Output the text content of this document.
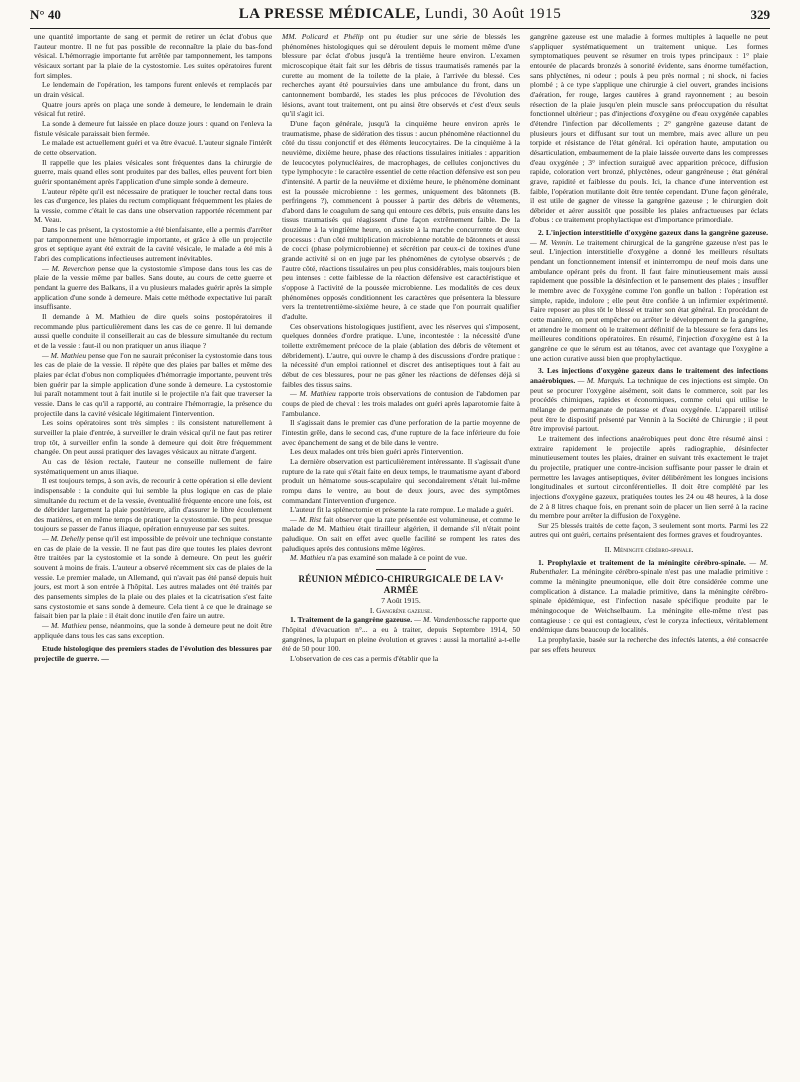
N° 40	LA PRESSE MÉDICALE, Lundi, 30 Août 1915	329

une quantité importante de sang et permit de retirer un éclat d'obus que l'auteur montre. Il ne fut pas possible de reconnaître la plaie du bas-fond vésical. L'hémorragie importante fut arrêtée par tamponnement, les tampons vésicaux sortant par la plaie de la cystostomie. Les suites opératoires furent fort simples.

Le lendemain de l'opération, les tampons furent enlevés et remplacés par un drain vésical.

Quatre jours après on plaça une sonde à demeure, le lendemain le drain vésical fut retiré.

La sonde à demeure fut laissée en place douze jours : quand on l'enleva la fistule vésicale paraissait bien fermée.

Le malade est actuellement guéri et va être évacué. L'auteur signale l'intérêt de cette observation.

Il rappelle que les plaies vésicales sont fréquentes dans la chirurgie de guerre, mais quand elles sont produites par des balles, elles peuvent fort bien guérir spontanément après l'application d'une simple sonde à demeure.

L'auteur répète qu'il est nécessaire de pratiquer le toucher rectal dans tous les cas d'urgence, les plaies du rectum compliquant fréquemment les plaies de la vessie, comme c'était le cas dans une observation rapportée récemment par M. Veau.

Dans le cas présent, la cystostomie a été bienfaisante, elle a permis d'arrêter par tamponnement une hémorragie importante, et grâce à elle un projectile gros et septique ayant été extrait de la cavité vésicale, le malade a été mis à l'abri des complications infectieuses autrement inévitables.

— M. Reverchon pense que la cystostomie s'impose dans tous les cas de plaie de la vessie même par balles. Sans doute, au cours de cette guerre et pendant la guerre des Balkans, il a vu plusieurs malades guérir après la simple application d'une sonde à demeure. Mais cette méthode expectative lui paraît insuffisante.

Il demande à M. Mathieu de dire quels soins postopératoires il recommande plus particulièrement dans les cas de ce genre. Il lui demande aussi quelle conduite il conseillerait au cas de blessure simultanée du rectum et de la vessie : faut-il ou non pratiquer un anus iliaque ?

— M. Mathieu pense que l'on ne saurait préconiser la cystostomie dans tous les cas de plaie de la vessie. Il répète que des plaies par balles et même des plaies par éclat d'obus non compliquées d'hémorragie importante, peuvent très bien guérir par la simple application d'une sonde à demeure. La cystostomie lui paraît notamment tout à fait inutile si le projectile n'a fait que traverser la vessie. Dans le cas qu'il a rapporté, au contraire l'hémorragie, la présence du projectile dans la cavité vésicale légitimaient l'intervention.

Les soins opératoires sont très simples : ils consistent naturellement à surveiller la plaie d'entrée, à surveiller le drain vésical qu'il ne faut pas retirer trop tôt, à surveiller enfin la sonde à demeure qui doit être fréquemment changée. On peut aussi pratiquer des lavages vésicaux au nitrate d'argent.

Au cas de lésion rectale, l'auteur ne conseille nullement de faire systématiquement un anus iliaque.

Il est toujours temps, à son avis, de recourir à cette opération si elle devient indispensable : la conduite qui lui semble la plus logique en cas de plaie simultanée du rectum et de la vessie, éventualité fréquente encore une fois, est de débrider largement la plaie postérieure, afin d'assurer le libre écoulement des matières, et en même temps de pratiquer la cystostomie. On peut presque toujours se passer de l'anus iliaque, opération ennuyeuse par ses suites.

— M. Dehelly pense qu'il est impossible de prévoir une technique constante en cas de plaie de la vessie. Il ne faut pas dire que toutes les plaies devront être traitées par la cystostomie et la sonde à demeure. On peut les guérir souvent à moins de frais. L'auteur a observé récemment six cas de plaies de la vessie. Le premier malade, un Allemand, qui n'avait pas été pansé depuis huit jours, est mort à son entrée à l'hôpital. Les autres malades ont été traités par des pansements simples de la plaie ou des plaies et la cicatrisation s'est faite sans cystostomie et sans sonde à demeure. Cela tient à ce que le drainage se faisait bien par la plaie : il était donc inutile d'en faire un autre.

— M. Mathieu pense, néanmoins, que la sonde à demeure peut ne doit être appliquée dans tous les cas sans exception.

Etude histologique des premiers stades de l'évolution des blessures par projectile de guerre. —

MM. Policard et Phélip ont pu étudier sur une série de blessés les phénomènes histologiques qui se déroulent depuis le moment même d'une blessure par éclat d'obus jusqu'à la trentième heure environ. L'examen microscopique était fait sur les débris de tissus traumatisés ramenés par la curette au moment de la toilette de la plaie, à l'arrivée du blessé. Ces recherches ayant été poursuivies dans une ambulance du front, dans un cantonnement bombardé, les stades les plus précoces de l'évolution des lésions, avant tout traitement, ont pu ainsi être observés et c'est d'eux seuls qu'il s'agit ici.

D'une façon générale, jusqu'à la cinquième heure environ après le traumatisme, phase de sidération des tissus : aucun phénomène réactionnel du côté du tissu conjonctif et des éléments leucocytaires. De la cinquième à la neuvième, dixième heure, phase des réactions tissulaires initiales : apparition de leucocytes polynucléaires, de macrophages, de cellules conjonctives du type lymphocyte : le caractère essentiel de cette réaction défensive est son peu d'intensité. A partir de la neuvième et dixième heure, le phénomène dominant est la poussée microbienne : les germes, uniquement des bâtonnets (B. perfringens ?), commencent à pousser à partir des débris de vêtements, d'abord dans le coagulum de sang qui entoure ces débris, puis ensuite dans les tissus traumatisés qui réagissent d'une façon extrêmement faible. De la douzième à la vingtième heure, on assiste à la marche concurrente de deux processus : d'un côté multiplication microbienne notable de bâtonnets et aussi de cocci (phase polymicrobienne) et sécrétion par ceux-ci de toxines d'une grande activité si on en juge par les phénomènes de cytolyse observés ; de l'autre côté, réactions tissulaires un peu plus considérables, mais toujours bien peu intenses : cette faiblesse de la réaction défensive est caractéristique et s'oppose à l'activité de la poussée microbienne. Les modalités de ces deux phénomènes opposés conditionnent les caractères que présentera la blessure vers la trentetrentième-sixième heure, à ce stade que l'on pourrait qualifier d'adulte.

Ces observations histologiques justifient, avec les réserves qui s'imposent, quelques données d'ordre pratique. L'une, incontestée : la nécessité d'une toilette extrêmement précoce de la plaie (ablation des débris de vêtement et débridement). L'autre, qui ouvre le champ à des discussions d'ordre pratique : la nécessité d'un emploi rationnel et discret des antiseptiques tout à fait au début de ces blessures, pour ne pas gêner les réactions de défenses déjà si faibles des tissus sains.

— M. Mathieu rapporte trois observations de contusion de l'abdomen par coups de pied de cheval : les trois malades ont guéri après laparotomie faite à l'ambulance.

Il s'agissait dans le premier cas d'une perforation de la partie moyenne de l'intestin grêle, dans le second cas, d'une rupture de la face inférieure du foie avec épanchement de sang et de bile dans le ventre.

Les deux malades ont très bien guéri après l'intervention.

La dernière observation est particulièrement intéressante. Il s'agissait d'une rupture de la rate qui s'était faite en deux temps, le traumatisme ayant d'abord produit un hématome sous-scapulaire qui secondairement s'était lui-même rompu dans le ventre, au bout de deux jours, avec des symptômes commandant l'intervention d'urgence.

L'auteur fit la splénectomie et présente la rate rompue. Le malade a guéri.

— M. Rist fait observer que la rate présentée est volumineuse, et comme le malade de M. Mathieu était tirailleur algérien, il demande s'il n'était point paludique. On sait en effet avec quelle facilité se rompent les rates des paludiques après des contusions même légères.

M. Mathieu n'a pas examiné son malade à ce point de vue.

RÉUNION MÉDICO-CHIRURGICALE DE LA Vᵉ ARMÉE

7 Août 1915.

I. Gangrène gazeuse.

1. Traitement de la gangrène gazeuse. — M. Vandenbossche rapporte que l'hôpital d'évacuation n°... a eu à traiter, depuis Septembre 1914, 50 gangrènes, la plupart en pleine évolution et graves : aussi la mortalité a-t-elle été de 50 pour 100.

L'observation de ces cas a permis d'établir que la

gangrène gazeuse est une maladie à formes multiples à laquelle ne peut s'appliquer systématiquement un traitement unique. Les formes symptomatiques peuvent se résumer en trois types principaux : 1° plaie entourée de placards bronzés à sonorité évidente, sans énorme tuméfaction, sans phlyctènes, ni odeur ; pouls à peu près normal ; ni shock, ni facies plombé ; à ce type s'applique une chirurgie à ciel ouvert, grandes incisions d'aération, fer rouge, larges cautères à grand rayonnement ; au besoin résection de la plaie jusqu'en plein muscle sans préoccupation du résultat fonctionnel ultérieur ; pas d'injections d'oxygène ou d'eau oxygénée capables d'étendre l'infection par décollements ; 2° gangrène gazeuse datant de plusieurs jours et diffusant sur tout un membre, mais avec allure un peu torpide et résistance de l'état général. Ici opération haute, amputation ou désarticulation, embaumement de la plaie laissée ouverte dans les compresses d'eau oxygénée ; 3° infection suraiguë avec apparition précoce, diffusion rapide, coloration vert bronzé, phlyctènes, odeur gangréneuse ; état général grave, rapidité et faiblesse du pouls. Ici, la chance d'une intervention est faible, l'opération mutilante doit être tentée cependant. D'une façon générale, il est utile de gagner de vitesse la gangrène gazeuse ; le chirurgien doit débrider et aérer aussitôt que possible les plaies anfractueuses par éclats d'obus : ce traitement prophylactique est d'importance primordiale.

2. L'injection interstitielle d'oxygène gazeux dans la gangrène gazeuse. — M. Vennin. Le traitement chirurgical de la gangrène gazeuse n'est pas le seul. L'injection interstitielle d'oxygène a donné les meilleurs résultats pendant un fonctionnement intensif et ininterrompu de neuf mois dans une ambulance opérant près du front. Il faut faire minutieusement mais aussi rapidement que possible la désinfection et le pansement des plaies ; insuffler le membre avec de l'oxygène comme l'on gonfle un ballon : l'opération est simple, rapide, indolore ; elle peut être confiée à un infirmier expérimenté. Faire reposer au plus tôt le blessé et traiter son état général. En procédant de cette manière, on peut empêcher ou arrêter le développement de la gangrène, et attendre le moment où le traitement définitif de la blessure se fera dans les meilleures conditions opératoires. En résumé, l'injection d'oxygène est à la gangrène ce que le sérum est au tétanos, avec cet avantage que l'oxygène a une action curative aussi bien que prophylactique.

3. Les injections d'oxygène gazeux dans le traitement des infections anaérobiques. — M. Marquis. La technique de ces injections est simple. On peut se procurer l'oxygène aisément, soit dans le commerce, soit par les procédés chimiques, rapides et économiques, comme celui qui utilise le mélange de permanganate de potasse et d'eau oxygénée. L'appareil utilisé peut être le dispositif présenté par Vennin à la Société de Chirurgie ; il peut être improvisé partout.

Le traitement des infections anaérobiques peut donc être résumé ainsi : extraire rapidement le projectile après radiographie, désinfecter minutieusement toutes les plaies, drainer en suivant très exactement le trajet du projectile, pratiquer une contre-incision suffisante pour passer le drain et permettre les lavages antiseptiques, éviter délibérément les longues incisions longitudinales et surtout circonférentielles. Il doit être complété par les injections d'oxygène gazeux, pratiquées toutes les 24 ou 48 heures, à la dose de 2 à 8 litres chaque fois, en prenant soin de placer un lien serré à la racine du membre pour arrêter la diffusion de l'oxygène.

Sur 25 blessés traités de cette façon, 3 seulement sont morts. Parmi les 22 autres qui ont guéri, certains présentaient des formes graves et foudroyantes.

II. Méningite cérébro-spinale.

1. Prophylaxie et traitement de la méningite cérébro-spinale. — M. Rubenthaler. La méningite cérébro-spinale n'est pas une maladie primitive : comme la méningite pneumonique, elle doit être considérée comme une complication à distance. La maladie primitive, dans la méningite cérébro-spinale épidémique, est l'infection nasale spécifique produite par le méningocoque de Weichselbaum. La méningite elle-même n'est pas contagieuse : ce qui est contagieux, c'est le coryza infectieux, véritablement endémique dans beaucoup de localités.

La prophylaxie, basée sur la recherche des infectés latents, a été consacrée par ses effets heureux
